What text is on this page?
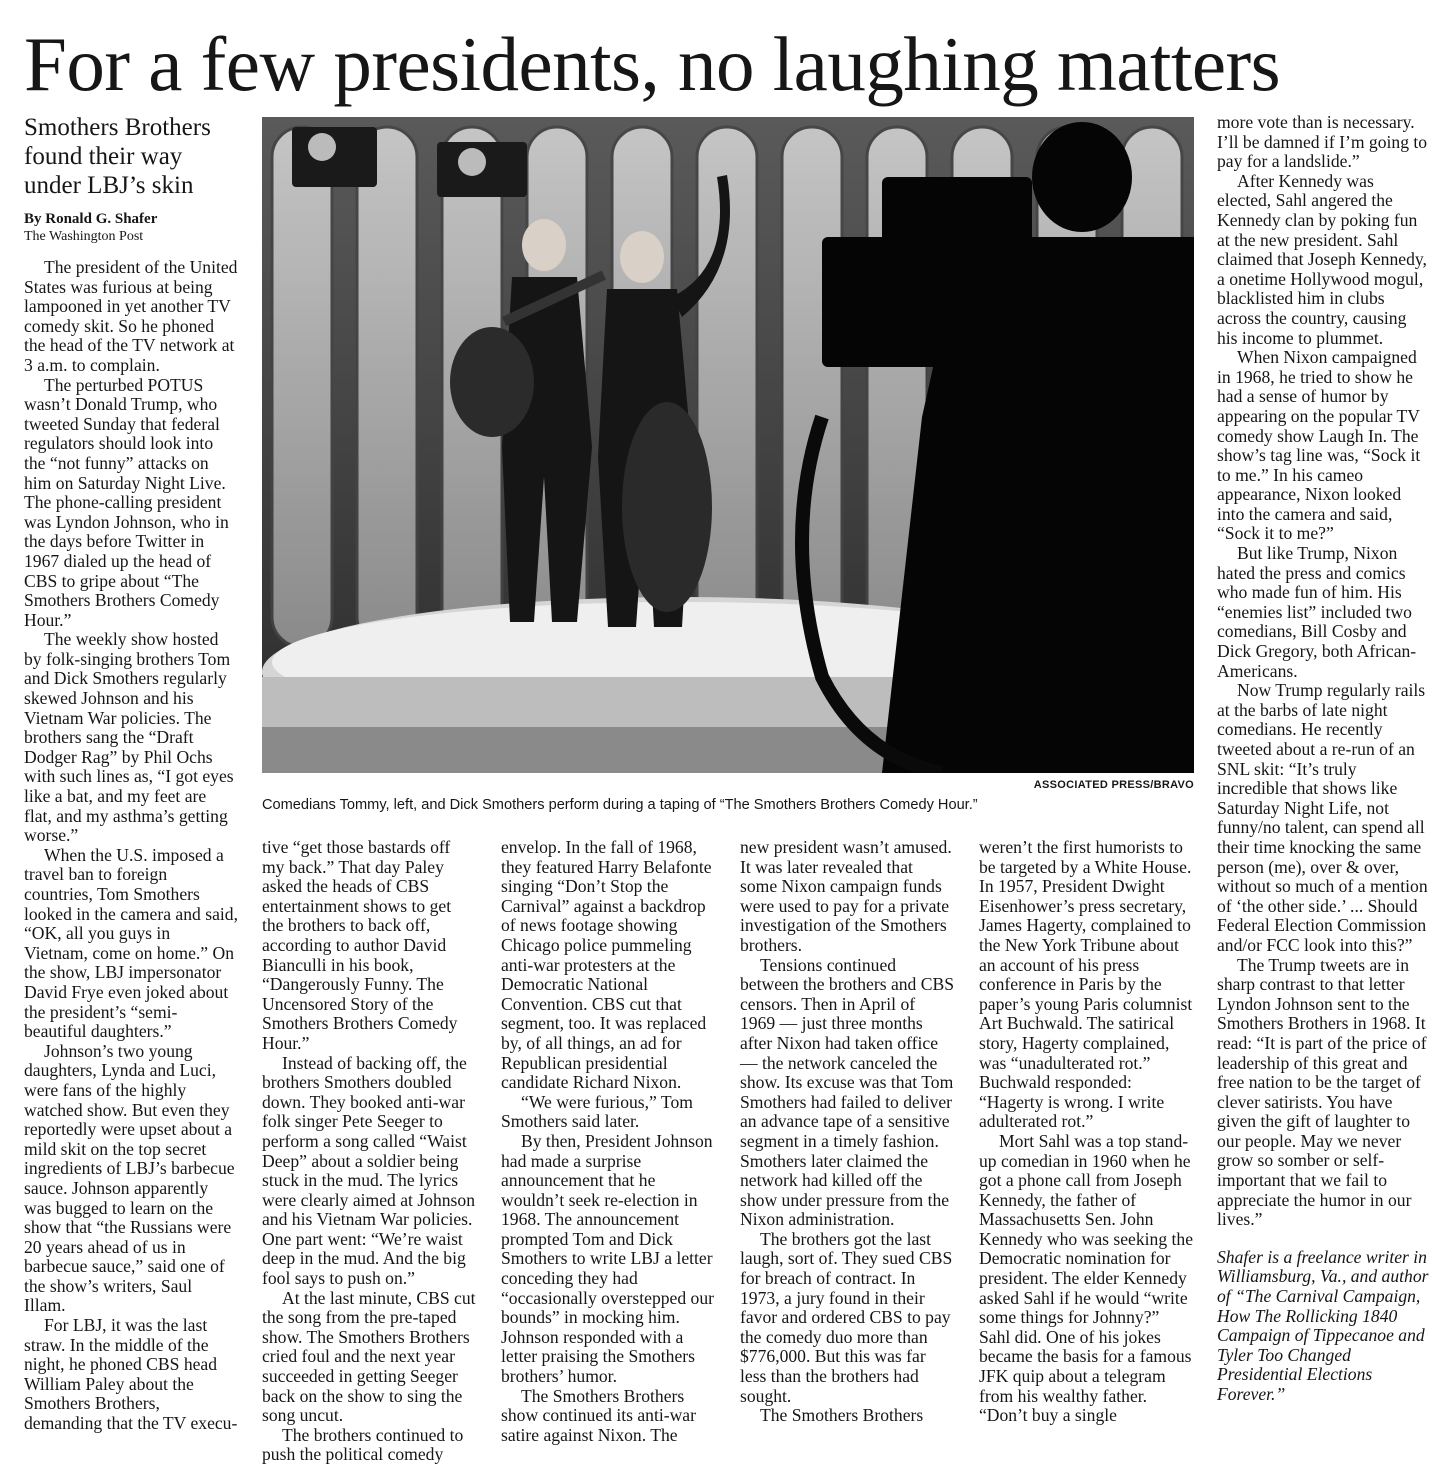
For a few presidents, no laughing matters
Smothers Brothers found their way under LBJ’s skin
By Ronald G. Shafer
The Washington Post

The president of the United States was furious at being lampooned in yet another TV comedy skit. So he phoned the head of the TV network at 3 a.m. to complain.

The perturbed POTUS wasn’t Donald Trump, who tweeted Sunday that federal regulators should look into the “not funny” attacks on him on Saturday Night Live. The phone-calling president was Lyndon Johnson, who in the days before Twitter in 1967 dialed up the head of CBS to gripe about “The Smothers Brothers Comedy Hour.”

The weekly show hosted by folk-singing brothers Tom and Dick Smothers regularly skewed Johnson and his Vietnam War policies. The brothers sang the “Draft Dodger Rag” by Phil Ochs with such lines as, “I got eyes like a bat, and my feet are flat, and my asthma’s getting worse.”

When the U.S. imposed a travel ban to foreign countries, Tom Smothers looked in the camera and said, “OK, all you guys in Vietnam, come on home.” On the show, LBJ impersonator David Frye even joked about the president’s “semi-beautiful daughters.”

Johnson’s two young daughters, Lynda and Luci, were fans of the highly watched show. But even they reportedly were upset about a mild skit on the top secret ingredients of LBJ’s barbecue sauce. Johnson apparently was bugged to learn on the show that “the Russians were 20 years ahead of us in barbecue sauce,” said one of the show’s writers, Saul Illam.

For LBJ, it was the last straw. In the middle of the night, he phoned CBS head William Paley about the Smothers Brothers, demanding that the TV execu-

ASSOCIATED PRESS/BRAVO
Comedians Tommy, left, and Dick Smothers perform during a taping of “The Smothers Brothers Comedy Hour.”

tive “get those bastards off my back.” That day Paley asked the heads of CBS entertainment shows to get the brothers to back off, according to author David Bianculli in his book, “Dangerously Funny. The Uncensored Story of the Smothers Brothers Comedy Hour.”

Instead of backing off, the brothers Smothers doubled down. They booked anti-war folk singer Pete Seeger to perform a song called “Waist Deep” about a soldier being stuck in the mud. The lyrics were clearly aimed at Johnson and his Vietnam War policies. One part went: “We’re waist deep in the mud. And the big fool says to push on.”

At the last minute, CBS cut the song from the pre-taped show. The Smothers Brothers cried foul and the next year succeeded in getting Seeger back on the show to sing the song uncut.

The brothers continued to push the political comedy

envelop. In the fall of 1968, they featured Harry Belafonte singing “Don’t Stop the Carnival” against a backdrop of news footage showing Chicago police pummeling anti-war protesters at the Democratic National Convention. CBS cut that segment, too. It was replaced by, of all things, an ad for Republican presidential candidate Richard Nixon.

“We were furious,” Tom Smothers said later.

By then, President Johnson had made a surprise announcement that he wouldn’t seek re-election in 1968. The announcement prompted Tom and Dick Smothers to write LBJ a letter conceding they had “occasionally overstepped our bounds” in mocking him. Johnson responded with a letter praising the Smothers brothers’ humor.

The Smothers Brothers show continued its anti-war satire against Nixon. The

new president wasn’t amused. It was later revealed that some Nixon campaign funds were used to pay for a private investigation of the Smothers brothers.

Tensions continued between the brothers and CBS censors. Then in April of 1969 — just three months after Nixon had taken office — the network canceled the show. Its excuse was that Tom Smothers had failed to deliver an advance tape of a sensitive segment in a timely fashion. Smothers later claimed the network had killed off the show under pressure from the Nixon administration.

The brothers got the last laugh, sort of. They sued CBS for breach of contract. In 1973, a jury found in their favor and ordered CBS to pay the comedy duo more than $776,000. But this was far less than the brothers had sought.

The Smothers Brothers

weren’t the first humorists to be targeted by a White House. In 1957, President Dwight Eisenhower’s press secretary, James Hagerty, complained to the New York Tribune about an account of his press conference in Paris by the paper’s young Paris columnist Art Buchwald. The satirical story, Hagerty complained, was “unadulterated rot.” Buchwald responded: “Hagerty is wrong. I write adulterated rot.”

Mort Sahl was a top stand-up comedian in 1960 when he got a phone call from Joseph Kennedy, the father of Massachusetts Sen. John Kennedy who was seeking the Democratic nomination for president. The elder Kennedy asked Sahl if he would “write some things for Johnny?” Sahl did. One of his jokes became the basis for a famous JFK quip about a telegram from his wealthy father. “Don’t buy a single

more vote than is necessary. I’ll be damned if I’m going to pay for a landslide.”

After Kennedy was elected, Sahl angered the Kennedy clan by poking fun at the new president. Sahl claimed that Joseph Kennedy, a onetime Hollywood mogul, blacklisted him in clubs across the country, causing his income to plummet.

When Nixon campaigned in 1968, he tried to show he had a sense of humor by appearing on the popular TV comedy show Laugh In. The show’s tag line was, “Sock it to me.” In his cameo appearance, Nixon looked into the camera and said, “Sock it to me?”

But like Trump, Nixon hated the press and comics who made fun of him. His “enemies list” included two comedians, Bill Cosby and Dick Gregory, both African-Americans.

Now Trump regularly rails at the barbs of late night comedians. He recently tweeted about a re-run of an SNL skit: “It’s truly incredible that shows like Saturday Night Life, not funny/no talent, can spend all their time knocking the same person (me), over & over, without so much of a mention of ‘the other side.’ ... Should Federal Election Commission and/or FCC look into this?”

The Trump tweets are in sharp contrast to that letter Lyndon Johnson sent to the Smothers Brothers in 1968. It read: “It is part of the price of leadership of this great and free nation to be the target of clever satirists. You have given the gift of laughter to our people. May we never grow so somber or self-important that we fail to appreciate the humor in our lives.”

Shafer is a freelance writer in Williamsburg, Va., and author of “The Carnival Campaign, How The Rollicking 1840 Campaign of Tippecanoe and Tyler Too Changed Presidential Elections Forever.”
